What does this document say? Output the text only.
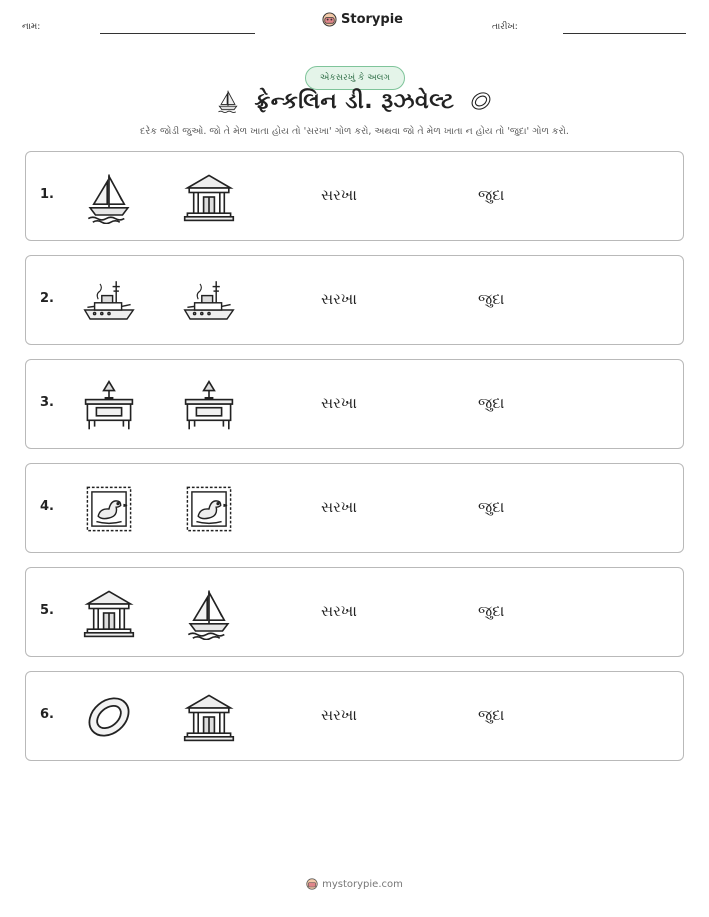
નામ:	Storypie	તારીખ:
એકસરખું કે અલગ
ફ્રેન્કલિન ડી. રૂઝવેલ્ટ
દરેક જોડી જુઓ. જો તે મેળ ખાતા હોય તો 'સરખા' ગોળ કરો, અથવા જો તે મેળ ખાતા ન હોય તો 'જુદા' ગોળ કરો.
1.	સરખા	જુદા
2.	સરખા	જુદા
3.	સરખા	જુદા
4.	સરખા	જુદા
5.	સરખા	જુદા
6.	સરખા	જુદા
mystorypie.com
